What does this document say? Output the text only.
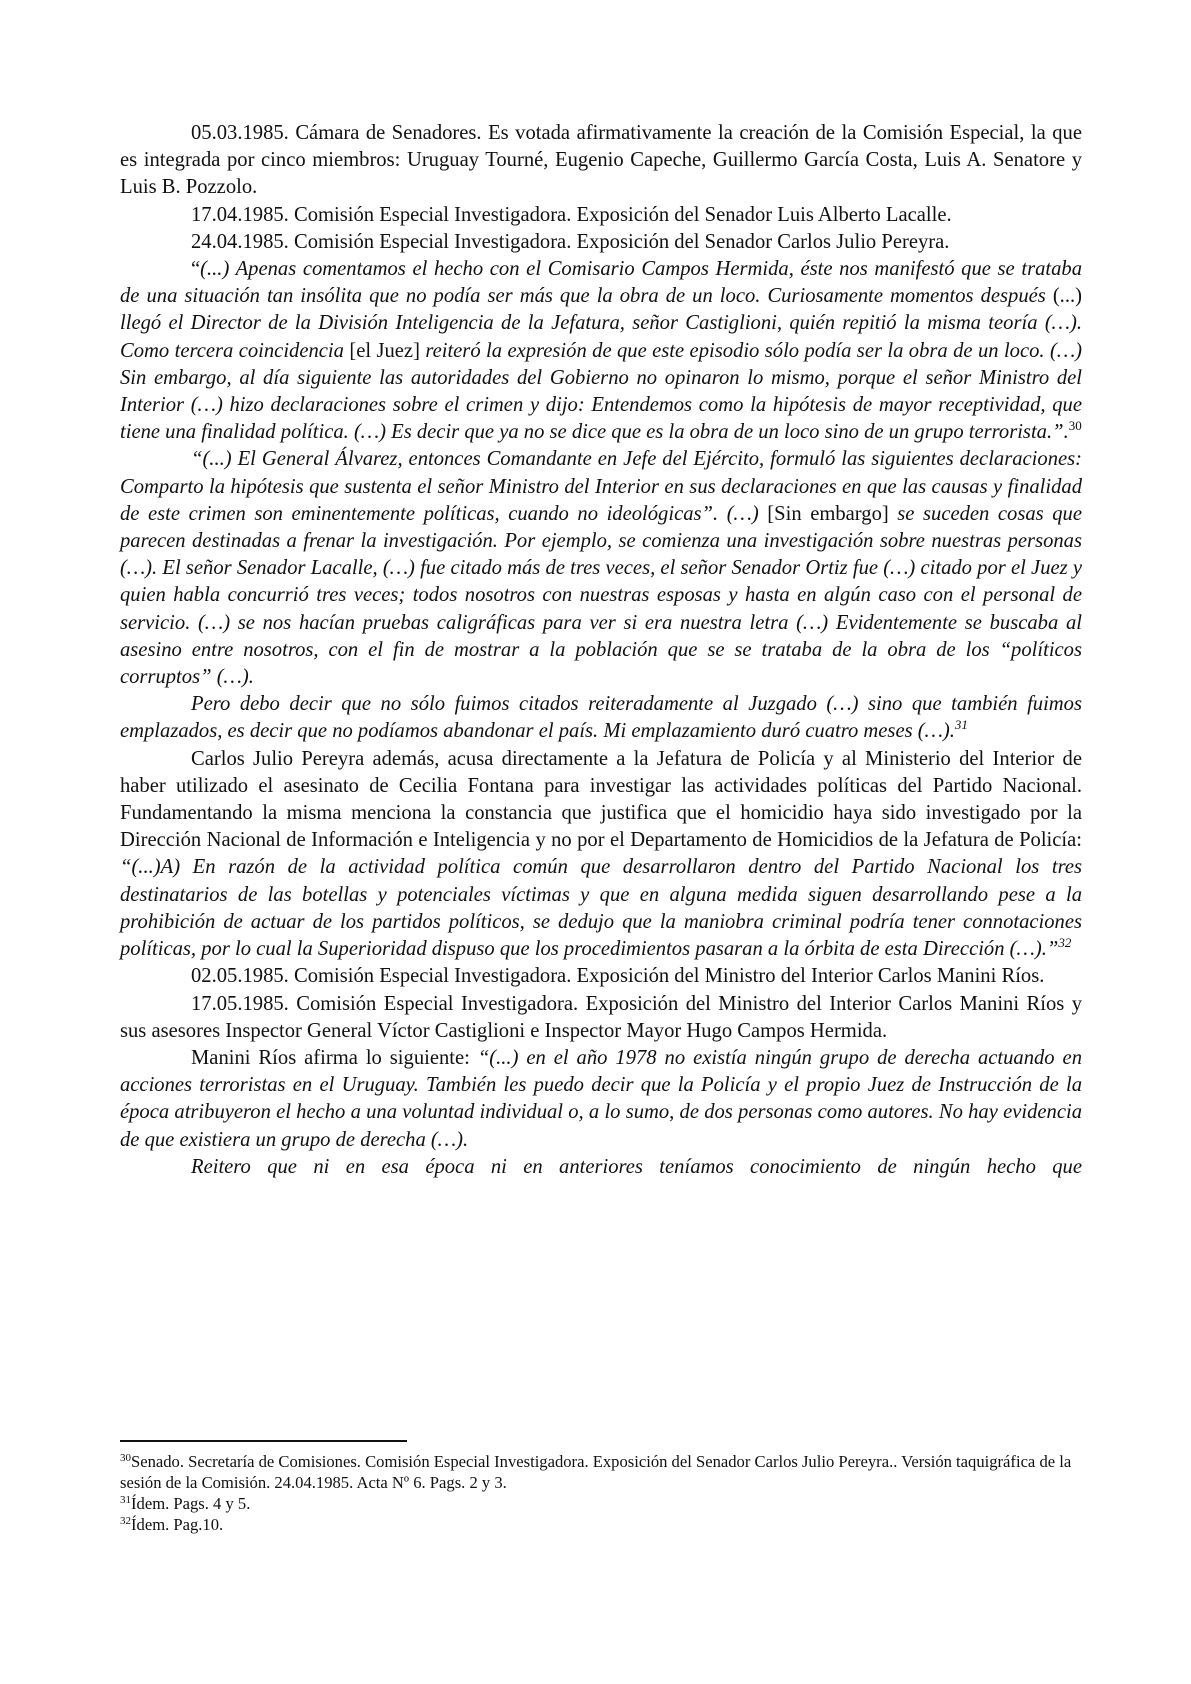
05.03.1985. Cámara de Senadores. Es votada afirmativamente la creación de la Comisión Especial, la que es integrada por cinco miembros: Uruguay Tourné, Eugenio Capeche, Guillermo García Costa, Luis A. Senatore y Luis B. Pozzolo.

17.04.1985. Comisión Especial Investigadora. Exposición del Senador Luis Alberto Lacalle.

24.04.1985. Comisión Especial Investigadora. Exposición del Senador Carlos Julio Pereyra.

“(...) Apenas comentamos el hecho con el Comisario Campos Hermida, éste nos manifestó que se trataba de una situación tan insólita que no podía ser más que la obra de un loco. Curiosamente momentos después (...) llegó el Director de la División Inteligencia de la Jefatura, señor Castiglioni, quién repitió la misma teoría (…). Como tercera coincidencia [el Juez] reiteró la expresión de que este episodio sólo podía ser la obra de un loco. (…) Sin embargo, al día siguiente las autoridades del Gobierno no opinaron lo mismo, porque el señor Ministro del Interior (…) hizo declaraciones sobre el crimen y dijo: Entendemos como la hipótesis de mayor receptividad, que tiene una finalidad política. (…) Es decir que ya no se dice que es la obra de un loco sino de un grupo terrorista.”.$^{30}$

“(...) El General Álvarez, entonces Comandante en Jefe del Ejército, formuló las siguientes declaraciones: Comparto la hipótesis que sustenta el señor Ministro del Interior en sus declaraciones en que las causas y finalidad de este crimen son eminentemente políticas, cuando no ideológicas”. (…) [Sin embargo] se suceden cosas que parecen destinadas a frenar la investigación. Por ejemplo, se comienza una investigación sobre nuestras personas (…). El señor Senador Lacalle, (…) fue citado más de tres veces, el señor Senador Ortiz fue (…) citado por el Juez y quien habla concurrió tres veces; todos nosotros con nuestras esposas y hasta en algún caso con el personal de servicio. (…) se nos hacían pruebas caligráficas para ver si era nuestra letra (…) Evidentemente se buscaba al asesino entre nosotros, con el fin de mostrar a la población que se se trataba de la obra de los “políticos corruptos” (…).

Pero debo decir que no sólo fuimos citados reiteradamente al Juzgado (…) sino que también fuimos emplazados, es decir que no podíamos abandonar el país. Mi emplazamiento duró cuatro meses (…).$^{31}$

Carlos Julio Pereyra además, acusa directamente a la Jefatura de Policía y al Ministerio del Interior de haber utilizado el asesinato de Cecilia Fontana para investigar las actividades políticas del Partido Nacional. Fundamentando la misma menciona la constancia que justifica que el homicidio haya sido investigado por la Dirección Nacional de Información e Inteligencia y no por el Departamento de Homicidios de la Jefatura de Policía: “(...)A) En razón de la actividad política común que desarrollaron dentro del Partido Nacional los tres destinatarios de las botellas y potenciales víctimas y que en alguna medida siguen desarrollando pese a la prohibición de actuar de los partidos políticos, se dedujo que la maniobra criminal podría tener connotaciones políticas, por lo cual la Superioridad dispuso que los procedimientos pasaran a la órbita de esta Dirección (…).”$^{32}$

02.05.1985. Comisión Especial Investigadora. Exposición del Ministro del Interior Carlos Manini Ríos.

17.05.1985. Comisión Especial Investigadora. Exposición del Ministro del Interior Carlos Manini Ríos y sus asesores Inspector General Víctor Castiglioni e Inspector Mayor Hugo Campos Hermida.

Manini Ríos afirma lo siguiente: “(...) en el año 1978 no existía ningún grupo de derecha actuando en acciones terroristas en el Uruguay. También les puedo decir que la Policía y el propio Juez de Instrucción de la época atribuyeron el hecho a una voluntad individual o, a lo sumo, de dos personas como autores. No hay evidencia de que existiera un grupo de derecha (…).

Reitero que ni en esa época ni en anteriores teníamos conocimiento de ningún hecho que

$^{30}$Senado. Secretaría de Comisiones. Comisión Especial Investigadora. Exposición del Senador Carlos Julio Pereyra.. Versión taquigráfica de la sesión de la Comisión. 24.04.1985. Acta Nº 6. Pags. 2 y 3.

$^{31}$Ídem. Pags. 4 y 5.

$^{32}$Ídem. Pag.10.
